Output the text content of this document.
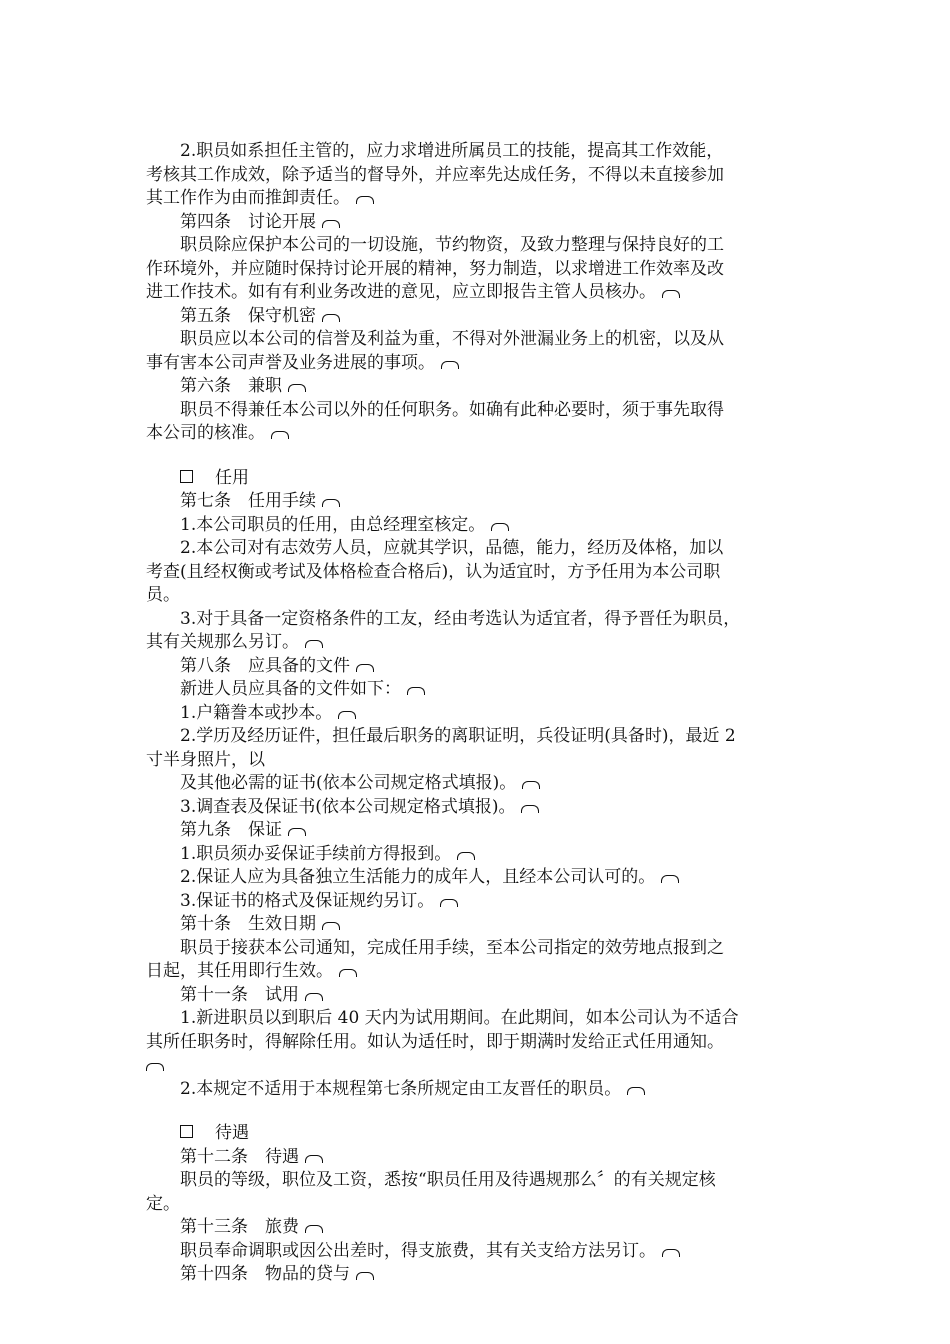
2.职员如系担任主管的，应力求增进所属员工的技能，提高其工作效能，
考核其工作成效，除予适当的督导外，并应率先达成任务，不得以未直接参加
其工作作为由而推卸责任。
第四条　讨论开展
职员除应保护本公司的一切设施，节约物资，及致力整理与保持良好的工
作环境外，并应随时保持讨论开展的精神，努力制造，以求增进工作效率及改
进工作技术。如有有利业务改进的意见，应立即报告主管人员核办。
第五条　保守机密
职员应以本公司的信誉及利益为重，不得对外泄漏业务上的机密，以及从
事有害本公司声誉及业务进展的事项。
第六条　兼职
职员不得兼任本公司以外的任何职务。如确有此种必要时，须于事先取得
本公司的核准。
任用
第七条　任用手续
1.本公司职员的任用，由总经理室核定。
2.本公司对有志效劳人员，应就其学识，品德，能力，经历及体格，加以
考查(且经权衡或考试及体格检查合格后)，认为适宜时，方予任用为本公司职
员。
3.对于具备一定资格条件的工友，经由考选认为适宜者，得予晋任为职员，
其有关规那么另订。
第八条　应具备的文件
新进人员应具备的文件如下：
1.户籍誊本或抄本。
2.学历及经历证件，担任最后职务的离职证明，兵役证明(具备时)，最近 2
寸半身照片，以
及其他必需的证书(依本公司规定格式填报)。
3.调查表及保证书(依本公司规定格式填报)。
第九条　保证
1.职员须办妥保证手续前方得报到。
2.保证人应为具备独立生活能力的成年人，且经本公司认可的。
3.保证书的格式及保证规约另订。
第十条　生效日期
职员于接获本公司通知，完成任用手续，至本公司指定的效劳地点报到之
日起，其任用即行生效。
第十一条　试用
1.新进职员以到职后 40 天内为试用期间。在此期间，如本公司认为不适合
其所任职务时，得解除任用。如认为适任时，即于期满时发给正式任用通知。
2.本规定不适用于本规程第七条所规定由工友晋任的职员。
待遇
第十二条　待遇
职员的等级，职位及工资，悉按“职员任用及待遇规那么〞的有关规定核
定。
第十三条　旅费
职员奉命调职或因公出差时，得支旅费，其有关支给方法另订。
第十四条　物品的贷与
